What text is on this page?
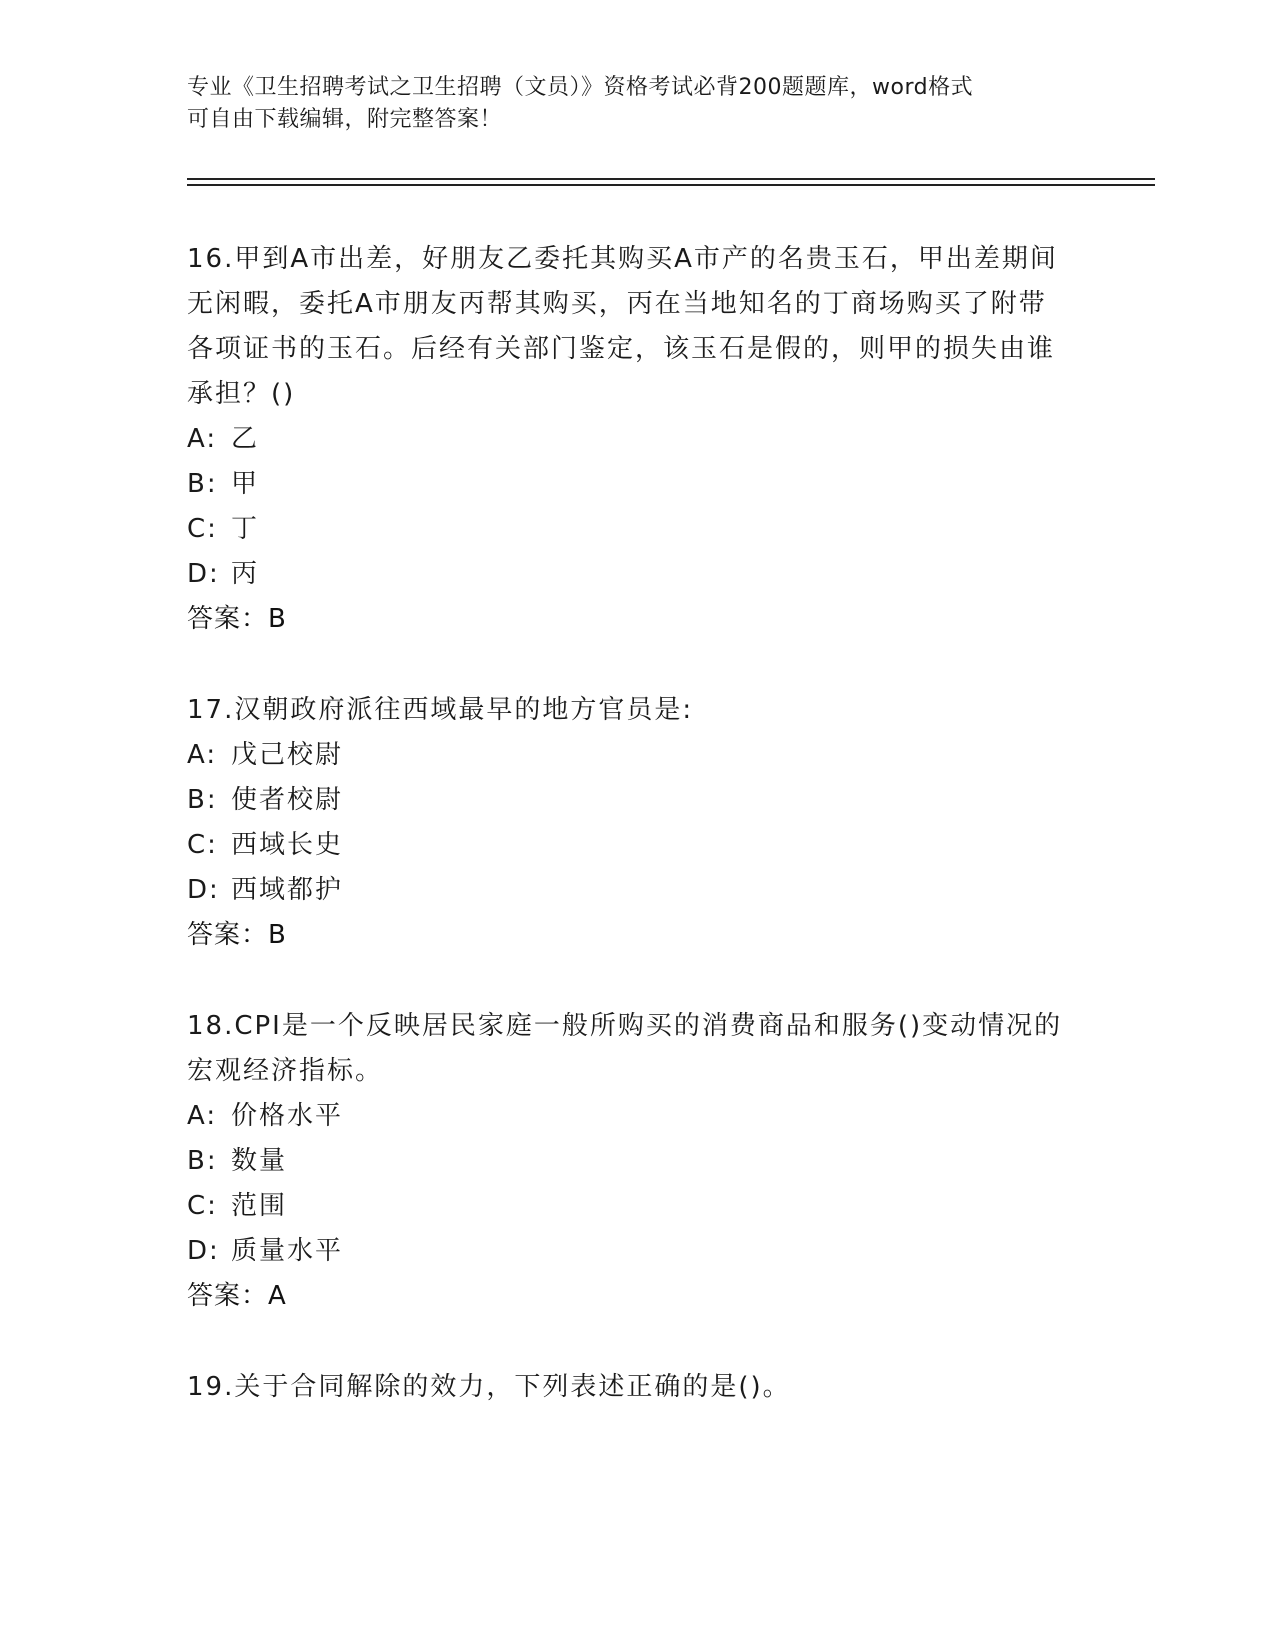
专业《卫生招聘考试之卫生招聘（文员）》资格考试必背200题题库，word格式
可自由下载编辑，附完整答案！

16.甲到A市出差，好朋友乙委托其购买A市产的名贵玉石，甲出差期间无闲暇，委托A市朋友丙帮其购买，丙在当地知名的丁商场购买了附带各项证书的玉石。后经有关部门鉴定，该玉石是假的，则甲的损失由谁承担？()

A: 乙
B: 甲
C: 丁
D: 丙

答案：B

17.汉朝政府派往西域最早的地方官员是:

A: 戊己校尉
B: 使者校尉
C: 西域长史
D: 西域都护

答案：B

18.CPI是一个反映居民家庭一般所购买的消费商品和服务()变动情况的宏观经济指标。

A: 价格水平
B: 数量
C: 范围
D: 质量水平

答案：A

19.关于合同解除的效力，下列表述正确的是()。
